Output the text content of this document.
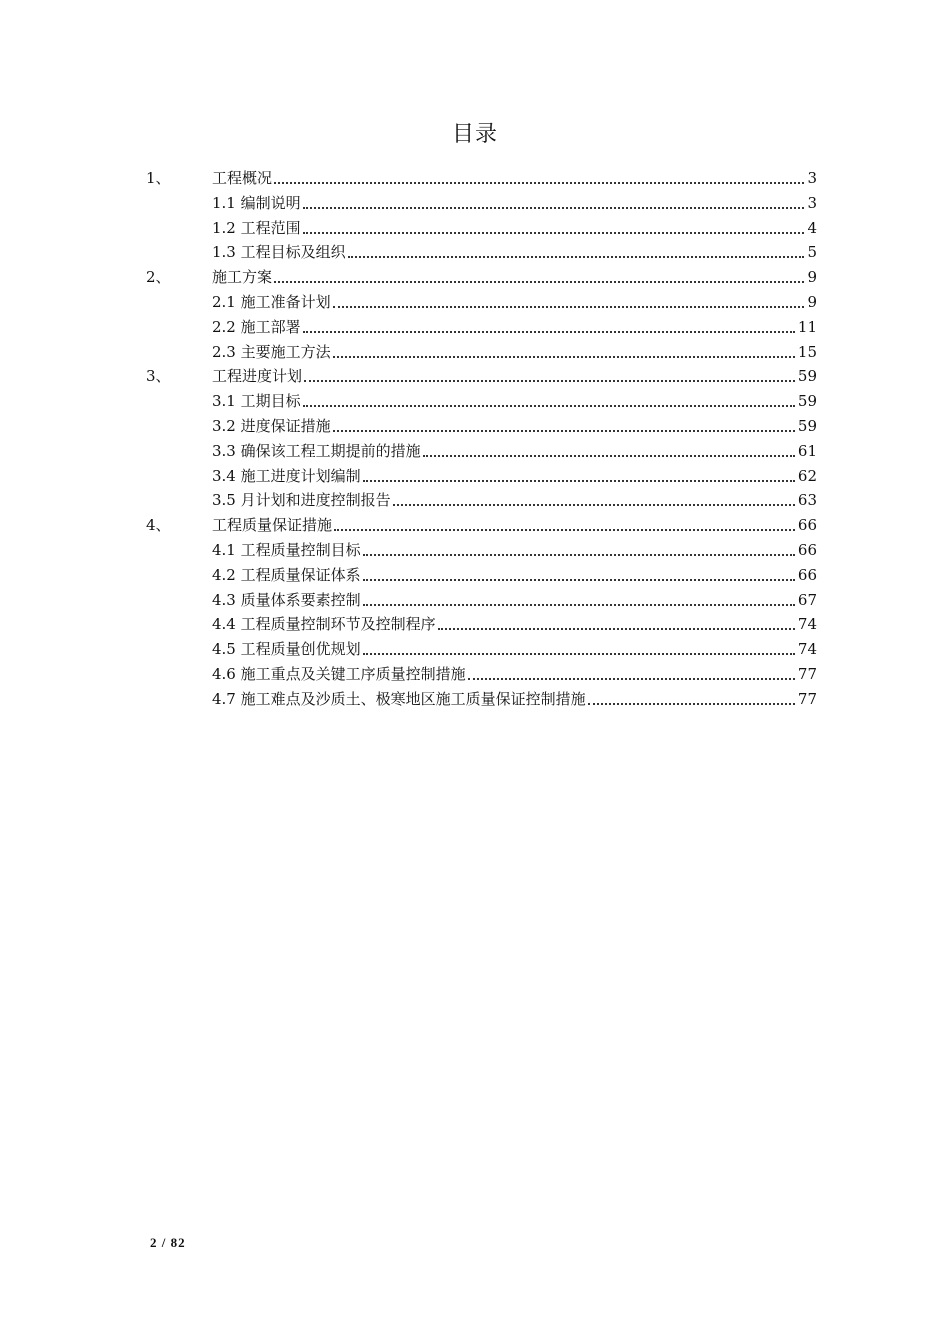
目录
1、	工程概况	3
1.1 编制说明	3
1.2 工程范围	4
1.3 工程目标及组织	5
2、	施工方案	9
2.1 施工准备计划	9
2.2 施工部署	11
2.3 主要施工方法	15
3、	工程进度计划	59
3.1 工期目标	59
3.2 进度保证措施	59
3.3 确保该工程工期提前的措施	61
3.4 施工进度计划编制	62
3.5 月计划和进度控制报告	63
4、	工程质量保证措施	66
4.1 工程质量控制目标	66
4.2 工程质量保证体系	66
4.3 质量体系要素控制	67
4.4 工程质量控制环节及控制程序	74
4.5 工程质量创优规划	74
4.6 施工重点及关键工序质量控制措施	77
4.7 施工难点及沙质土、极寒地区施工质量保证控制措施	77
2 / 82
